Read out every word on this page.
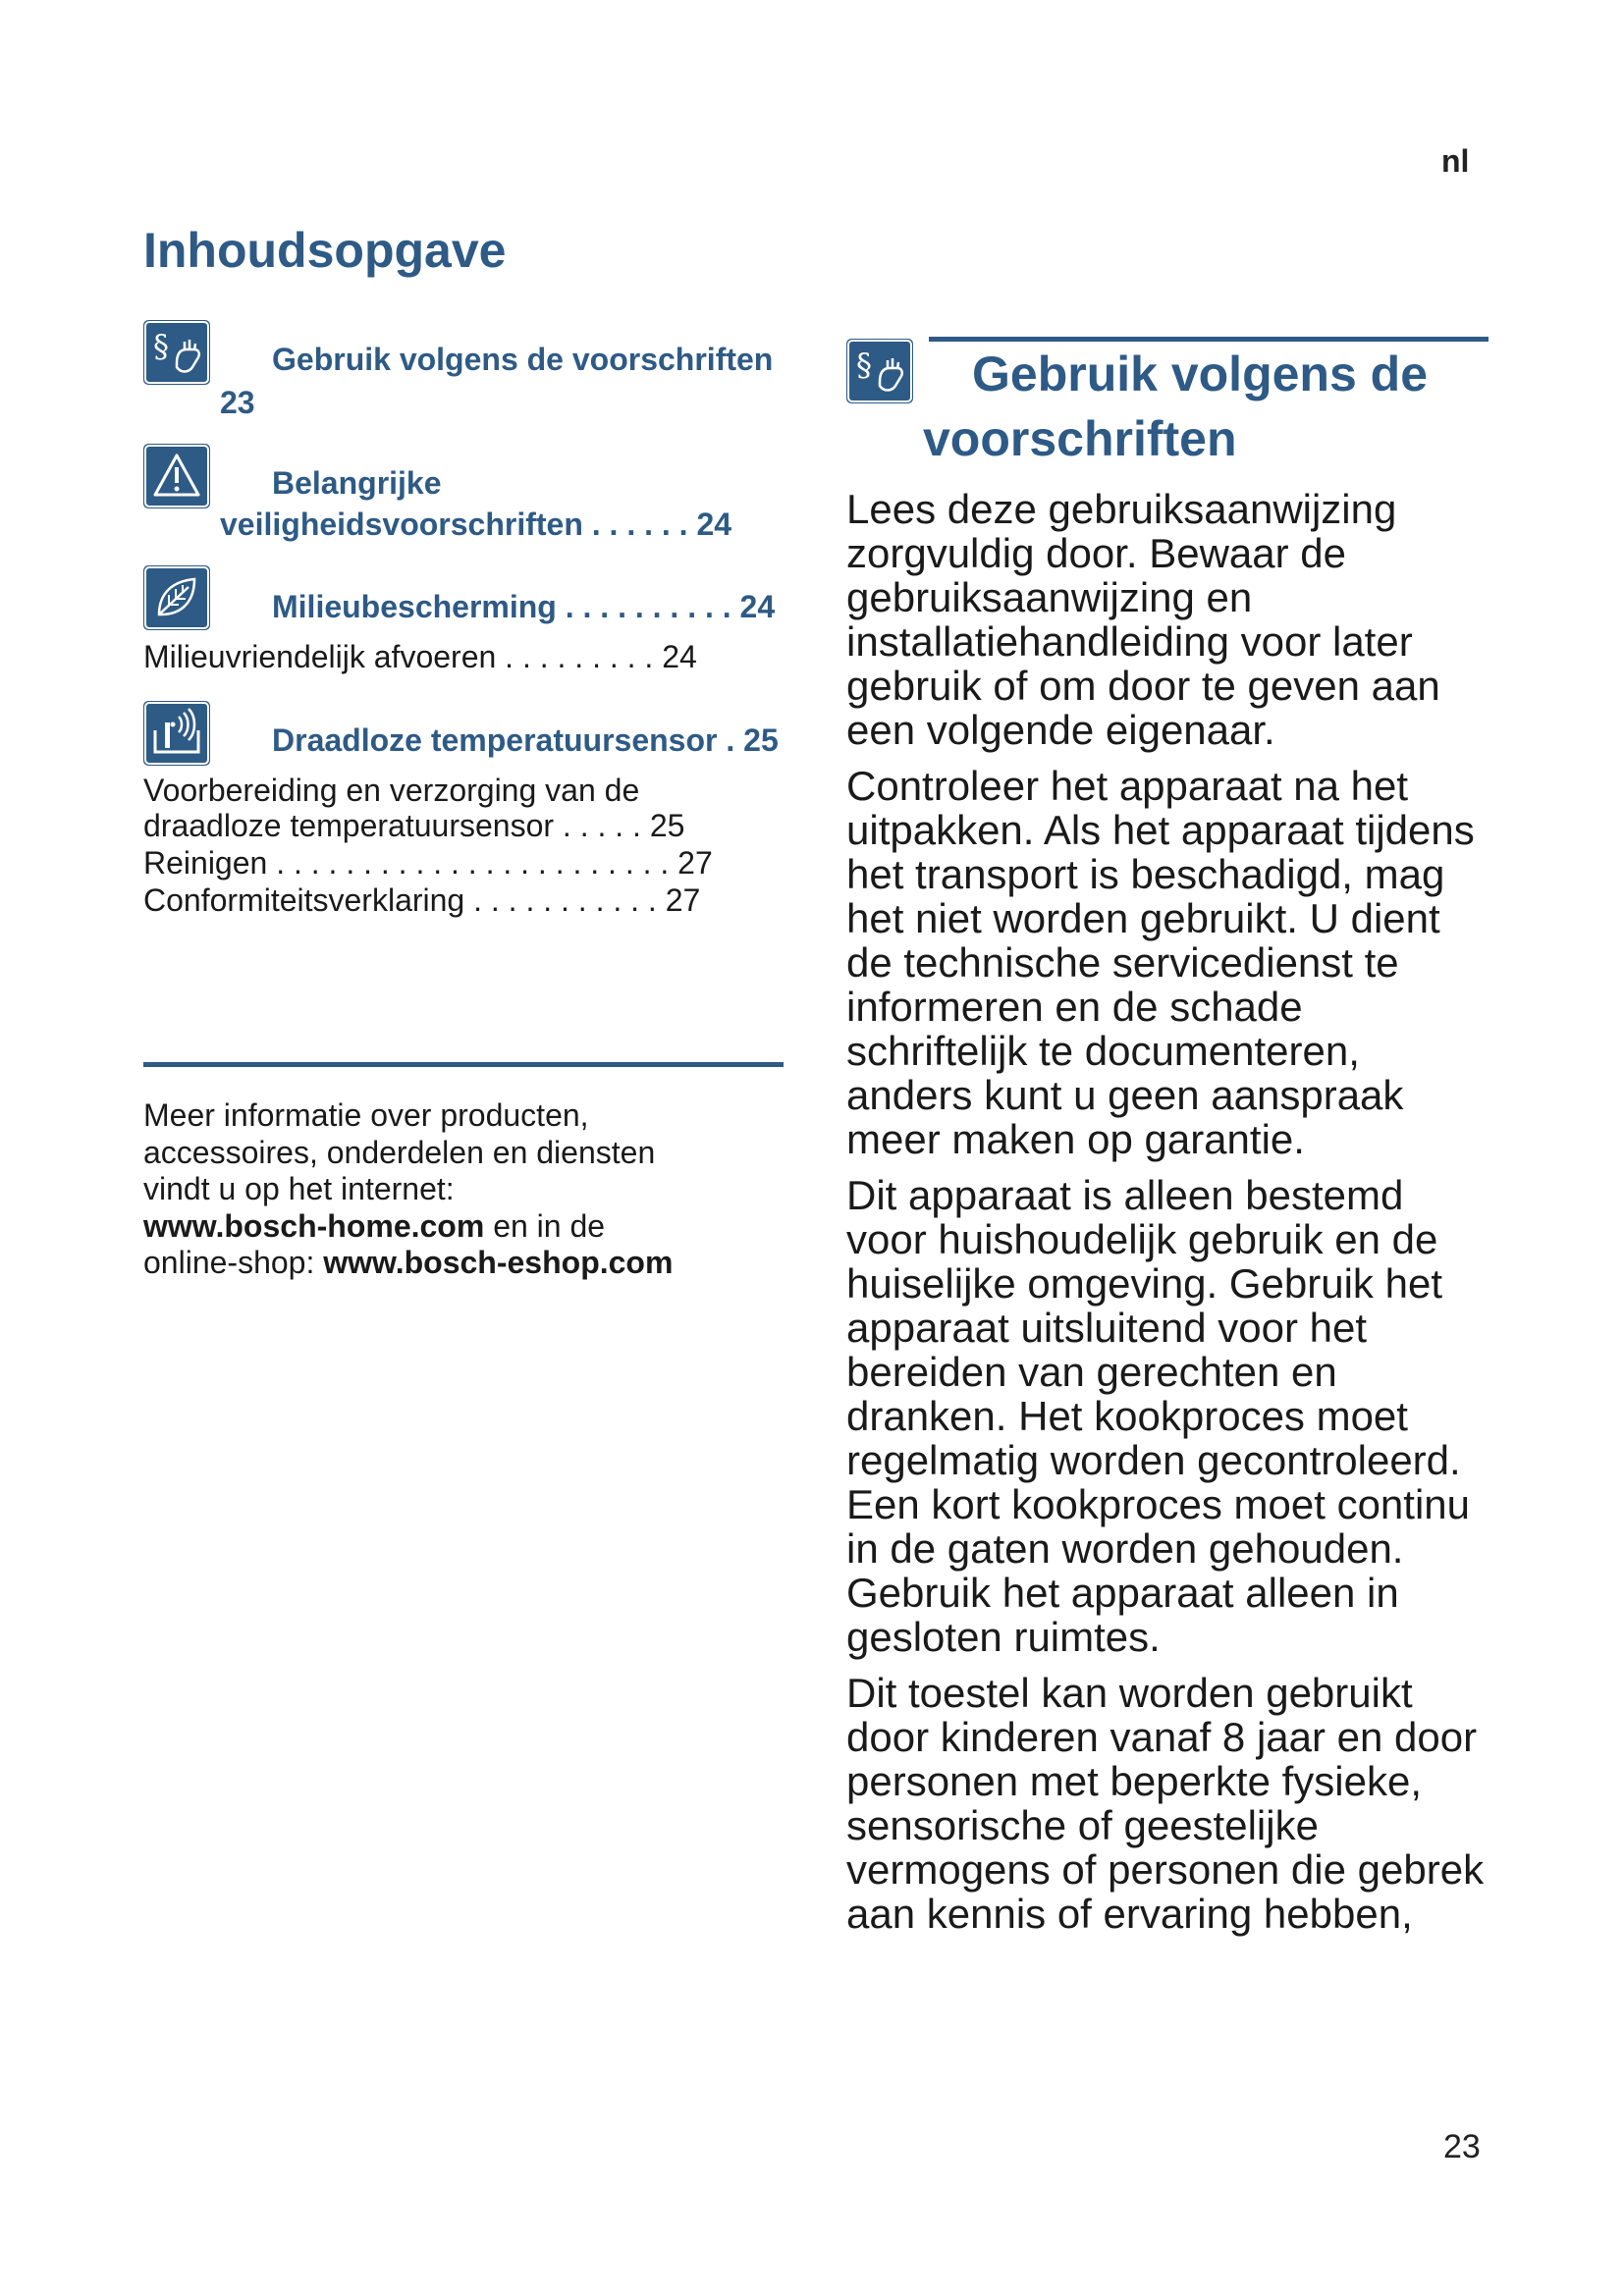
nl
Inhoudsopgave
§	Gebruik volgens de voorschriften
23
Belangrijke
veiligheidsvoorschriften . . . . . . 24
Milieubescherming . . . . . . . . . . 24
Milieuvriendelijk afvoeren . . . . . . . . . 24
Draadloze temperatuursensor . 25
Voorbereiding en verzorging van de
draadloze temperatuursensor . . . . . 25
Reinigen . . . . . . . . . . . . . . . . . . . . . . . 27
Conformiteitsverklaring . . . . . . . . . . . 27
Meer informatie over producten,
accessoires, onderdelen en diensten
vindt u op het internet:
www.bosch-home.com en in de
online-shop: www.bosch-eshop.com
§	Gebruik volgens de voorschriften

Lees deze gebruiksaanwijzing zorgvuldig door. Bewaar de gebruiksaanwijzing en installatiehandleiding voor later gebruik of om door te geven aan een volgende eigenaar.

Controleer het apparaat na het uitpakken. Als het apparaat tijdens het transport is beschadigd, mag het niet worden gebruikt. U dient de technische servicedienst te informeren en de schade schriftelijk te documenteren, anders kunt u geen aanspraak meer maken op garantie.

Dit apparaat is alleen bestemd voor huishoudelijk gebruik en de huiselijke omgeving. Gebruik het apparaat uitsluitend voor het bereiden van gerechten en dranken. Het kookproces moet regelmatig worden gecontroleerd. Een kort kookproces moet continu in de gaten worden gehouden. Gebruik het apparaat alleen in gesloten ruimtes.

Dit toestel kan worden gebruikt door kinderen vanaf 8 jaar en door personen met beperkte fysieke, sensorische of geestelijke vermogens of personen die gebrek aan kennis of ervaring hebben,

23
